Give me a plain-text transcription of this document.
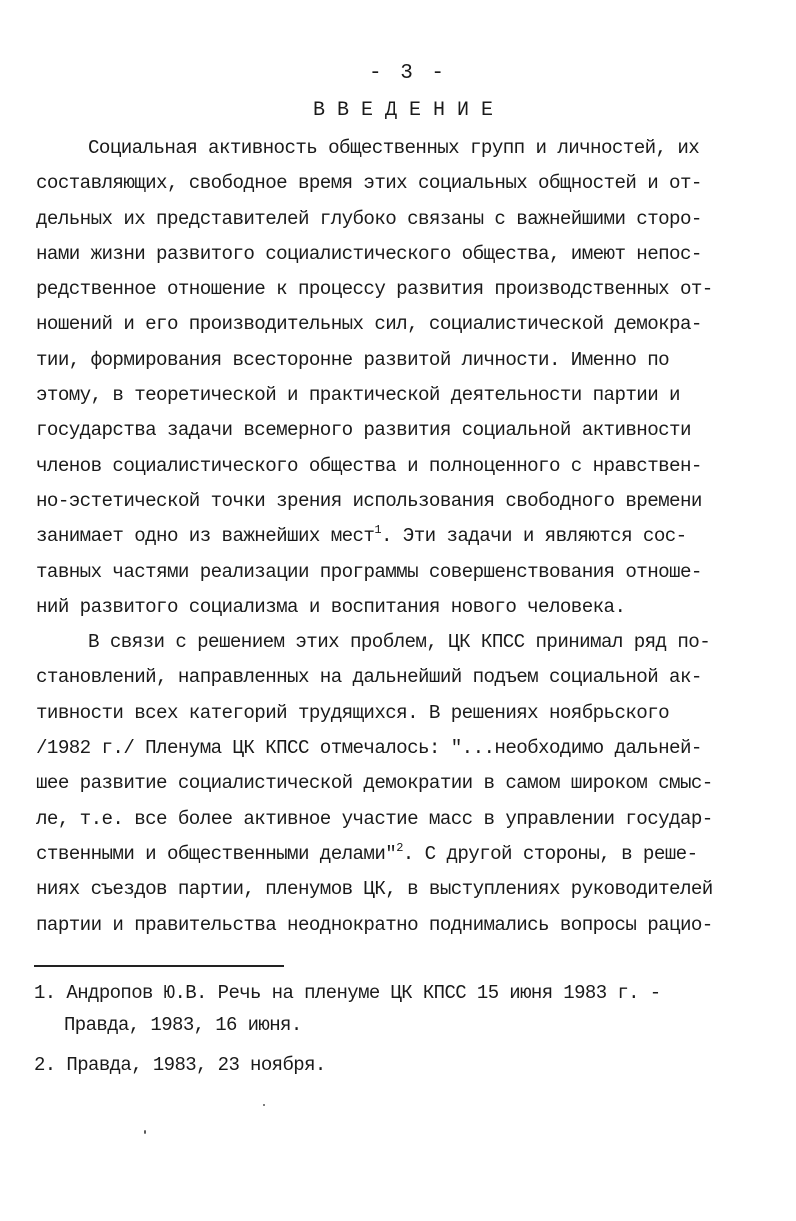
- 3 -
ВВЕДЕНИЕ
Социальная активность общественных групп и личностей, их
составляющих, свободное время этих социальных общностей и от-
дельных их представителей глубоко связаны с важнейшими сторо-
нами жизни развитого социалистического общества, имеют непос-
редственное отношение к процессу развития производственных от-
ношений и его производительных сил, социалистической демокра-
тии, формирования всесторонне развитой личности. Именно по
этому, в теоретической и практической деятельности партии и
государства задачи всемерного развития социальной активности
членов социалистического общества и полноценного с нравствен-
но-эстетической точки зрения использования свободного времени
занимает одно из важнейших мест$^1$. Эти задачи и являются сос-
тавных частями реализации программы совершенствования отноше-
ний развитого социализма и воспитания нового человека.
В связи с решением этих проблем, ЦК КПСС принимал ряд по-
становлений, направленных на дальнейший подъем социальной ак-
тивности всех категорий трудящихся. В решениях ноябрьского
/1982 г./ Пленума ЦК КПСС отмечалось: "...необходимо дальней-
шее развитие социалистической демократии в самом широком смыс-
ле, т.е. все более активное участие масс в управлении государ-
ственными и общественными делами"$^2$. С другой стороны, в реше-
ниях съездов партии, пленумов ЦК, в выступлениях руководителей
партии и правительства неоднократно поднимались вопросы рацио-
1. Андропов Ю.В. Речь на пленуме ЦК КПСС 15 июня 1983 г. -
Правда, 1983, 16 июня.
2. Правда, 1983, 23 ноября.
